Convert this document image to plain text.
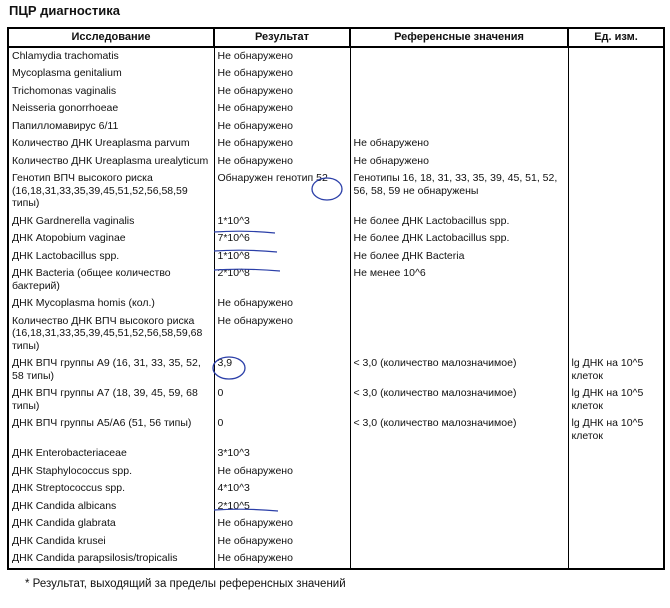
ПЦР диагностика
Исследование	Результат	Референсные значения	Ед. изм.
Chlamydia trachomatis	Не обнаружено		
Mycoplasma genitalium	Не обнаружено		
Trichomonas vaginalis	Не обнаружено		
Neisseria gonorrhoeae	Не обнаружено		
Папилломавирус 6/11	Не обнаружено		
Количество ДНК Ureaplasma parvum	Не обнаружено	Не обнаружено	
Количество ДНК Ureaplasma urealyticum	Не обнаружено	Не обнаружено	
Генотип ВПЧ высокого риска (16,18,31,33,35,39,45,51,52,56,58,59 типы)	Обнаружен генотип 52	Генотипы 16, 18, 31, 33, 35, 39, 45, 51, 52, 56, 58, 59 не обнаружены	
ДНК Gardnerella vaginalis	1*10^3	Не более ДНК Lactobacillus spp.	
ДНК Atopobium vaginae	7*10^6	Не более ДНК Lactobacillus spp.	
ДНК Lactobacillus spp.	1*10^8	Не более ДНК Bacteria	
ДНК Bacteria (общее количество бактерий)	2*10^8	Не менее 10^6	
ДНК Mycoplasma homis (кол.)	Не обнаружено		
Количество ДНК ВПЧ высокого риска (16,18,31,33,35,39,45,51,52,56,58,59,68 типы)	Не обнаружено		
ДНК ВПЧ группы А9 (16, 31, 33, 35, 52, 58 типы)	3,9	< 3,0 (количество малозначимое)	lg ДНК на 10^5 клеток
ДНК ВПЧ группы А7 (18, 39, 45, 59, 68 типы)	0	< 3,0 (количество малозначимое)	lg ДНК на 10^5 клеток
ДНК ВПЧ группы А5/А6 (51, 56 типы)	0	< 3,0 (количество малозначимое)	lg ДНК на 10^5 клеток
ДНК Enterobacteriaceae	3*10^3		
ДНК Staphylococcus spp.	Не обнаружено		
ДНК Streptococcus spp.	4*10^3		
ДНК Candida albicans	2*10^5		
ДНК Candida glabrata	Не обнаружено		
ДНК Candida krusei	Не обнаружено		
ДНК Candida parapsilosis/tropicalis	Не обнаружено		
* Результат, выходящий за пределы референсных значений
